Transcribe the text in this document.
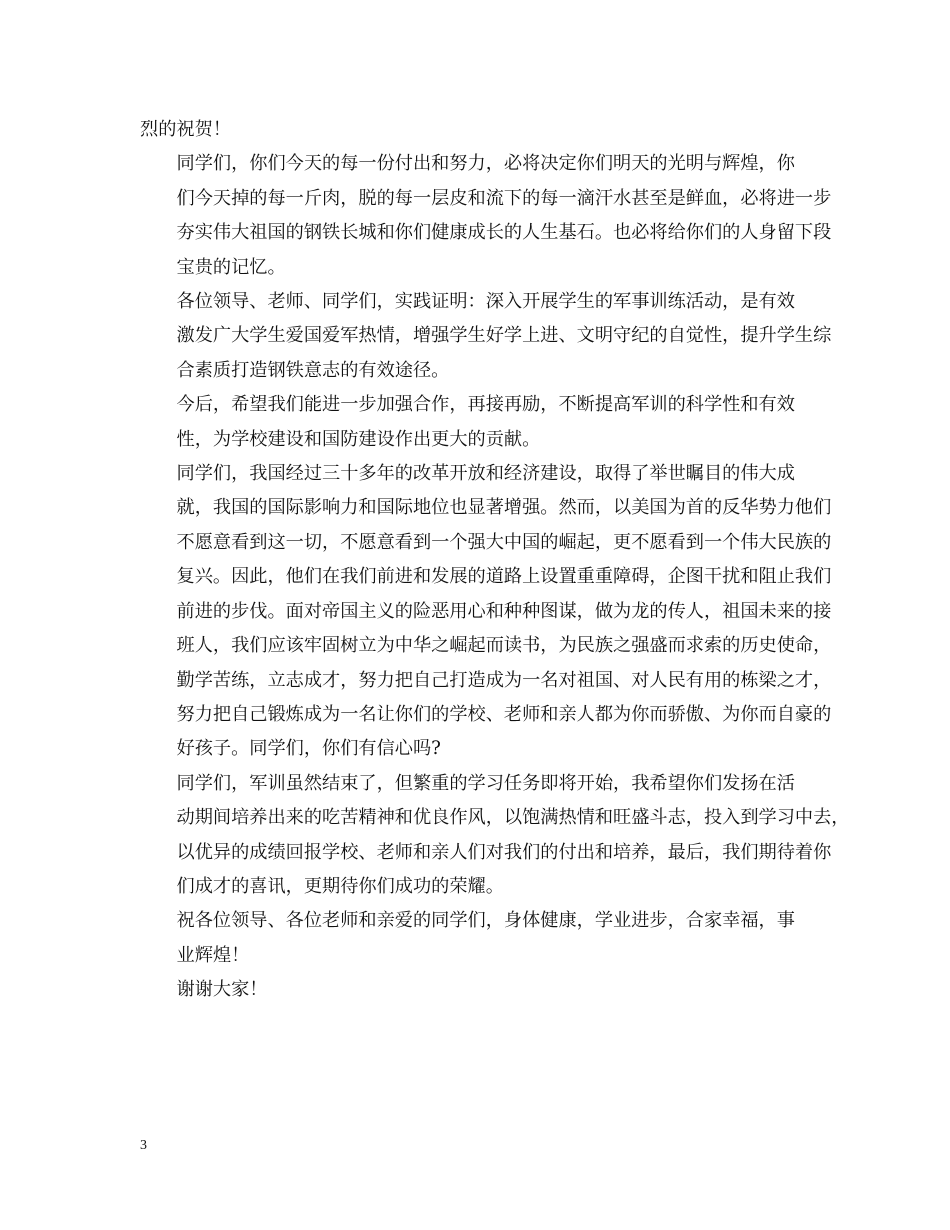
烈的祝贺！

同学们，你们今天的每一份付出和努力，必将决定你们明天的光明与辉煌，你
们今天掉的每一斤肉，脱的每一层皮和流下的每一滴汗水甚至是鲜血，必将进一步
夯实伟大祖国的钢铁长城和你们健康成长的人生基石。也必将给你们的人身留下段
宝贵的记忆。

各位领导、老师、同学们，实践证明：深入开展学生的军事训练活动，是有效
激发广大学生爱国爱军热情，增强学生好学上进、文明守纪的自觉性，提升学生综
合素质打造钢铁意志的有效途径。

今后，希望我们能进一步加强合作，再接再励，不断提高军训的科学性和有效
性，为学校建设和国防建设作出更大的贡献。

同学们，我国经过三十多年的改革开放和经济建设，取得了举世瞩目的伟大成
就，我国的国际影响力和国际地位也显著增强。然而，以美国为首的反华势力他们
不愿意看到这一切，不愿意看到一个强大中国的崛起，更不愿看到一个伟大民族的
复兴。因此，他们在我们前进和发展的道路上设置重重障碍，企图干扰和阻止我们
前进的步伐。面对帝国主义的险恶用心和种种图谋，做为龙的传人，祖国未来的接
班人，我们应该牢固树立为中华之崛起而读书，为民族之强盛而求索的历史使命，
勤学苦练，立志成才，努力把自己打造成为一名对祖国、对人民有用的栋梁之才，
努力把自己锻炼成为一名让你们的学校、老师和亲人都为你而骄傲、为你而自豪的
好孩子。同学们，你们有信心吗?

同学们，军训虽然结束了，但繁重的学习任务即将开始，我希望你们发扬在活
动期间培养出来的吃苦精神和优良作风，以饱满热情和旺盛斗志，投入到学习中去，
以优异的成绩回报学校、老师和亲人们对我们的付出和培养，最后，我们期待着你
们成才的喜讯，更期待你们成功的荣耀。

祝各位领导、各位老师和亲爱的同学们，身体健康，学业进步，合家幸福，事
业辉煌！

谢谢大家！

3
